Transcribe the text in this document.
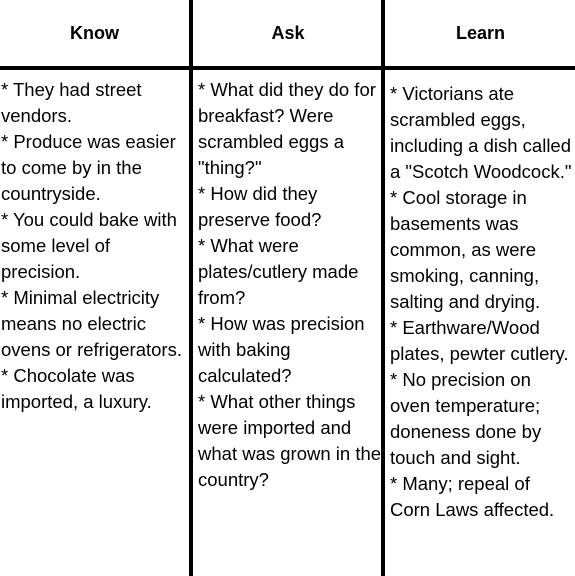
Know
* They had street vendors.
* Produce was easier to come by in the countryside.
* You could bake with some level of precision.
* Minimal electricity means no electric ovens or refrigerators.
* Chocolate was imported, a luxury.
Ask
* What did they do for breakfast? Were scrambled eggs a "thing?"
* How did they preserve food?
* What were plates/cutlery made from?
* How was precision with baking calculated?
* What other things were imported and what was grown in the country?
Learn
* Victorians ate scrambled eggs, including a dish called a "Scotch Woodcock."
* Cool storage in basements was common, as were smoking, canning, salting and drying.
* Earthware/Wood plates, pewter cutlery.
* No precision on oven temperature; doneness done by touch and sight.
* Many; repeal of Corn Laws affected.
